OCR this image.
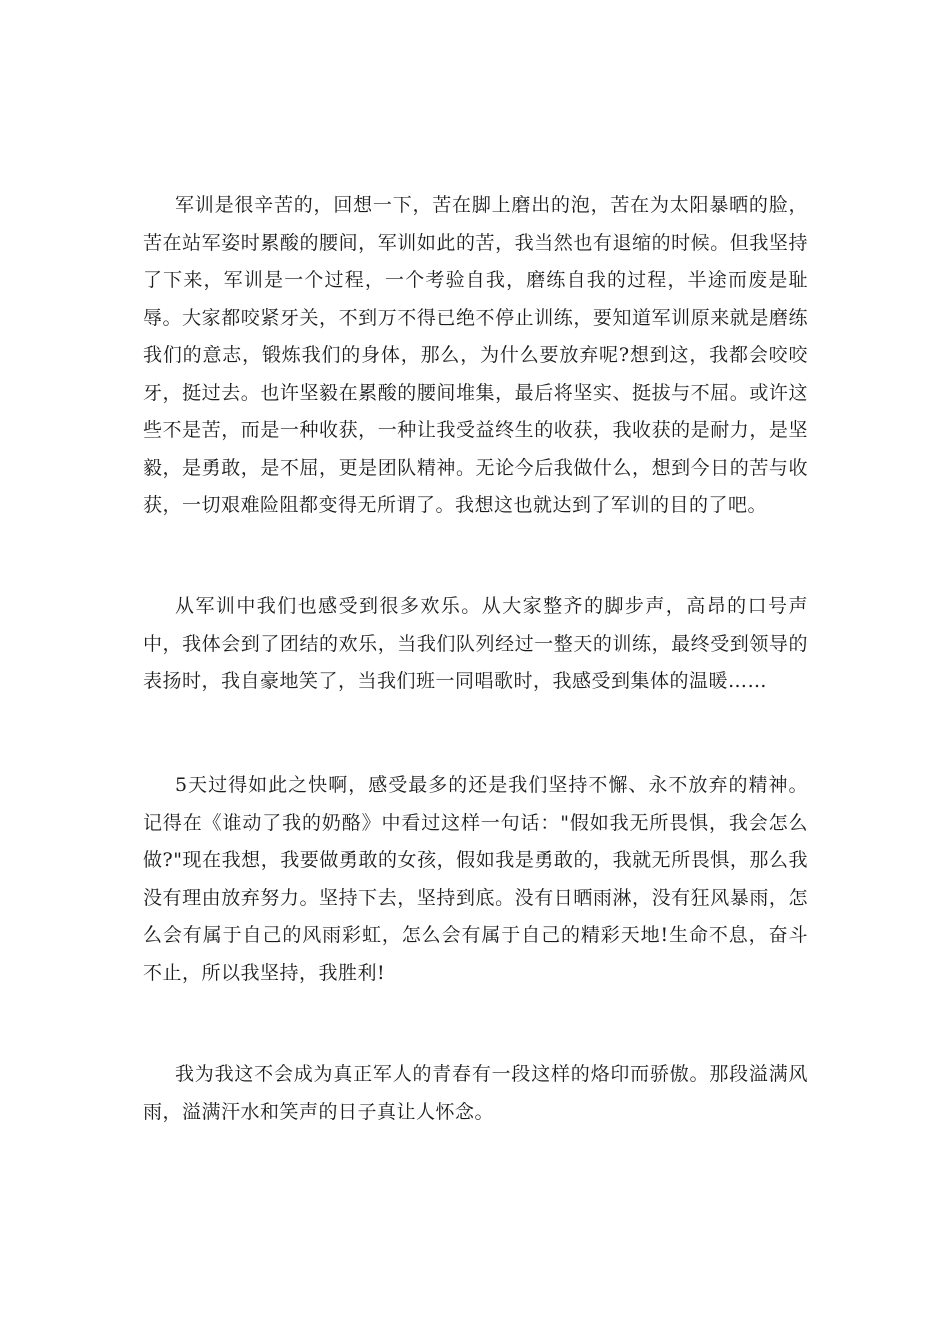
军训是很辛苦的，回想一下，苦在脚上磨出的泡，苦在为太阳暴晒的脸，苦在站军姿时累酸的腰间，军训如此的苦，我当然也有退缩的时候。但我坚持了下来，军训是一个过程，一个考验自我，磨练自我的过程，半途而废是耻辱。大家都咬紧牙关，不到万不得已绝不停止训练，要知道军训原来就是磨练我们的意志，锻炼我们的身体，那么，为什么要放弃呢?想到这，我都会咬咬牙，挺过去。也许坚毅在累酸的腰间堆集，最后将坚实、挺拔与不屈。或许这些不是苦，而是一种收获，一种让我受益终生的收获，我收获的是耐力，是坚毅，是勇敢，是不屈，更是团队精神。无论今后我做什么，想到今日的苦与收获，一切艰难险阻都变得无所谓了。我想这也就达到了军训的目的了吧。

从军训中我们也感受到很多欢乐。从大家整齐的脚步声，高昂的口号声中，我体会到了团结的欢乐，当我们队列经过一整天的训练，最终受到领导的表扬时，我自豪地笑了，当我们班一同唱歌时，我感受到集体的温暖……

5天过得如此之快啊，感受最多的还是我们坚持不懈、永不放弃的精神。记得在《谁动了我的奶酪》中看过这样一句话："假如我无所畏惧，我会怎么做?"现在我想，我要做勇敢的女孩，假如我是勇敢的，我就无所畏惧，那么我没有理由放弃努力。坚持下去，坚持到底。没有日晒雨淋，没有狂风暴雨，怎么会有属于自己的风雨彩虹，怎么会有属于自己的精彩天地!生命不息，奋斗不止，所以我坚持，我胜利!

我为我这不会成为真正军人的青春有一段这样的烙印而骄傲。那段溢满风雨，溢满汗水和笑声的日子真让人怀念。
